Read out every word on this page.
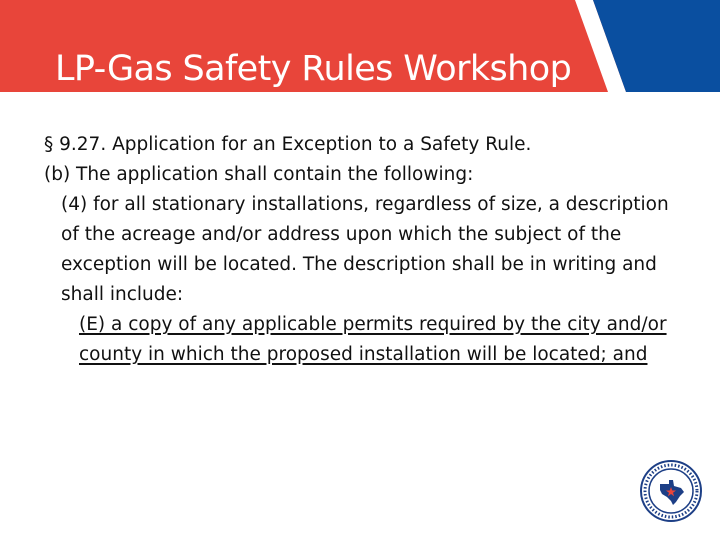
LP-Gas Safety Rules Workshop

§ 9.27. Application for an Exception to a Safety Rule.

(b) The application shall contain the following:

(4) for all stationary installations, regardless of size, a description of the acreage and/or address upon which the subject of the exception will be located. The description shall be in writing and shall include:

(E) a copy of any applicable permits required by the city and/or county in which the proposed installation will be located; and
